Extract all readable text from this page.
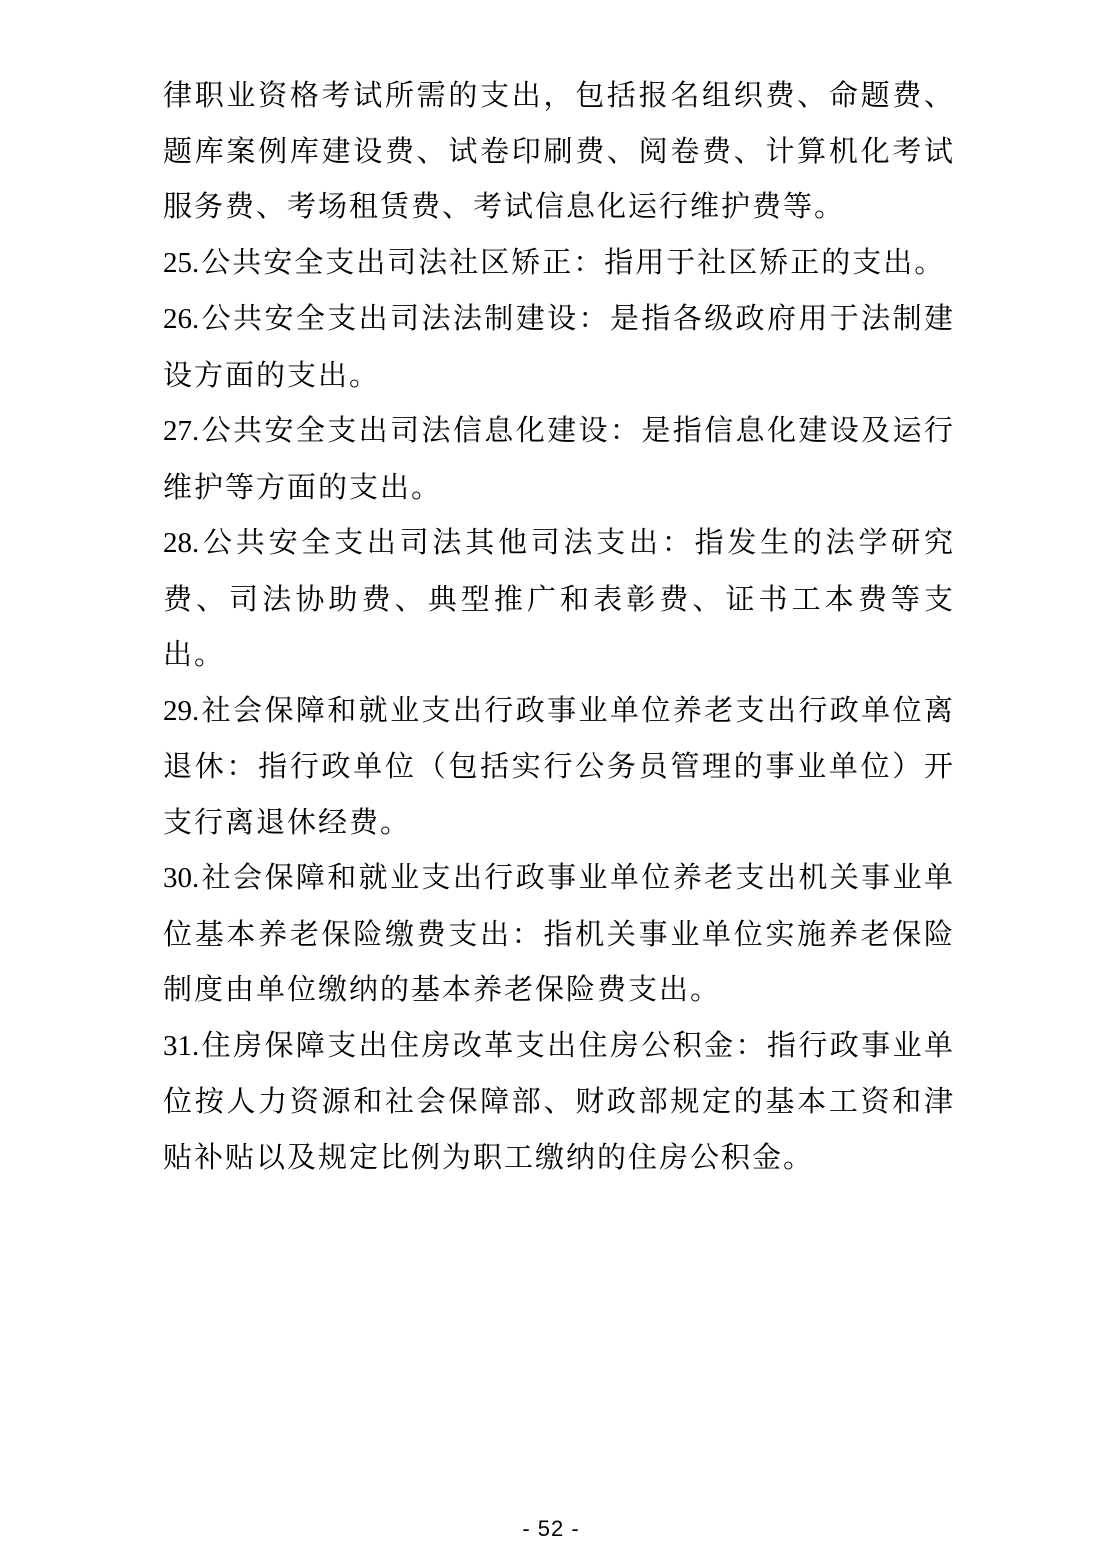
律职业资格考试所需的支出，包括报名组织费、命题费、题库案例库建设费、试卷印刷费、阅卷费、计算机化考试服务费、考场租赁费、考试信息化运行维护费等。

25.公共安全支出司法社区矫正：指用于社区矫正的支出。

26.公共安全支出司法法制建设：是指各级政府用于法制建设方面的支出。

27.公共安全支出司法信息化建设：是指信息化建设及运行维护等方面的支出。

28.公共安全支出司法其他司法支出：指发生的法学研究费、司法协助费、典型推广和表彰费、证书工本费等支出。

29.社会保障和就业支出行政事业单位养老支出行政单位离退休：指行政单位（包括实行公务员管理的事业单位）开支行离退休经费。

30.社会保障和就业支出行政事业单位养老支出机关事业单位基本养老保险缴费支出：指机关事业单位实施养老保险制度由单位缴纳的基本养老保险费支出。

31.住房保障支出住房改革支出住房公积金：指行政事业单位按人力资源和社会保障部、财政部规定的基本工资和津贴补贴以及规定比例为职工缴纳的住房公积金。

- 52 -
